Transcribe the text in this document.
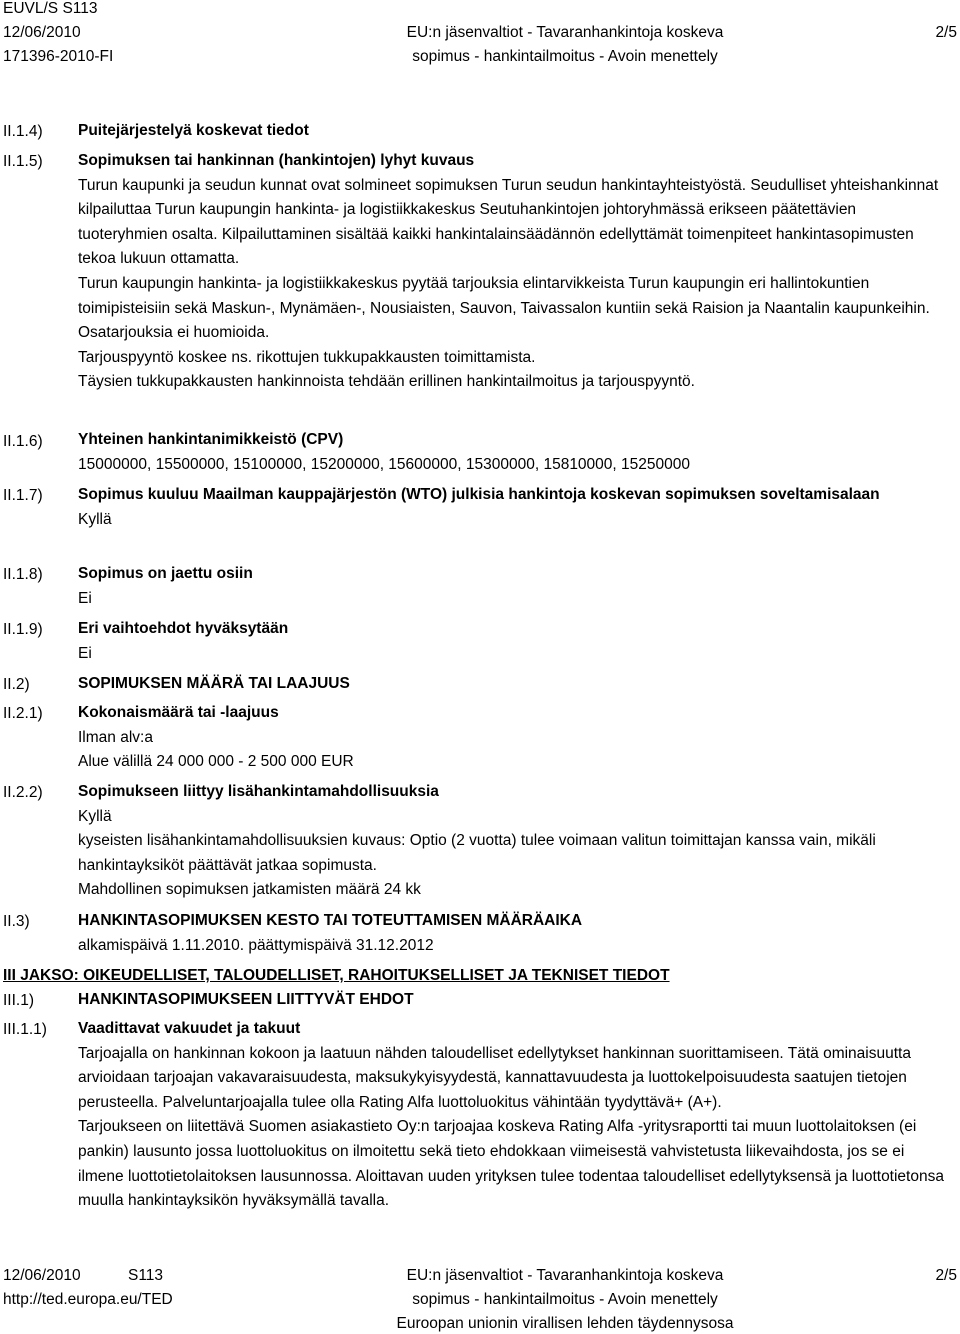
EUVL/S S113
12/06/2010
171396-2010-FI
EU:n jäsenvaltiot - Tavaranhankintoja koskeva
sopimus - hankintailmoitus - Avoin menettely
2/5
II.1.4) Puitejärjestelyä koskevat tiedot
II.1.5) Sopimuksen tai hankinnan (hankintojen) lyhyt kuvaus

Turun kaupunki ja seudun kunnat ovat solmineet sopimuksen Turun seudun hankintayhteistyöstä. Seudulliset yhteishankinnat kilpailuttaa Turun kaupungin hankinta- ja logistiikkakeskus Seutuhankintojen johtoryhmässä erikseen päätettävien tuoteryhmien osalta. Kilpailuttaminen sisältää kaikki hankintalainsäädännön edellyttämät toimenpiteet hankintasopimusten tekoa lukuun ottamatta.

Turun kaupungin hankinta- ja logistiikkakeskus pyytää tarjouksia elintarvikkeista Turun kaupungin eri hallintokuntien toimipisteisiin sekä Maskun-, Mynämäen-, Nousiaisten, Sauvon, Taivassalon kuntiin sekä Raision ja Naantalin kaupunkeihin.

Osatarjouksia ei huomioida.

Tarjouspyyntö koskee ns. rikottujen tukkupakkausten toimittamista.

Täysien tukkupakkausten hankinnoista tehdään erillinen hankintailmoitus ja tarjouspyyntö.

II.1.6) Yhteinen hankintanimikkeistö (CPV)

15000000, 15500000, 15100000, 15200000, 15600000, 15300000, 15810000, 15250000

II.1.7) Sopimus kuuluu Maailman kauppajärjestön (WTO) julkisia hankintoja koskevan sopimuksen soveltamisalaan

Kyllä

II.1.8) Sopimus on jaettu osiin

Ei

II.1.9) Eri vaihtoehdot hyväksytään

Ei

II.2)	SOPIMUKSEN MÄÄRÄ TAI LAAJUUS
II.2.1) Kokonaismäärä tai -laajuus

Ilman alv:a

Alue välillä 24 000 000 - 2 500 000 EUR

II.2.2) Sopimukseen liittyy lisähankintamahdollisuuksia

Kyllä

kyseisten lisähankintamahdollisuuksien kuvaus: Optio (2 vuotta) tulee voimaan valitun toimittajan kanssa vain, mikäli hankintayksiköt päättävät jatkaa sopimusta.

Mahdollinen sopimuksen jatkamisten määrä 24 kk

II.3)	HANKINTASOPIMUKSEN KESTO TAI TOTEUTTAMISEN MÄÄRÄAIKA

alkamispäivä 1.11.2010. päättymispäivä 31.12.2012

III JAKSO: OIKEUDELLISET, TALOUDELLISET, RAHOITUKSELLISET JA TEKNISET TIEDOT
III.1)	HANKINTASOPIMUKSEEN LIITTYVÄT EHDOT
III.1.1) Vaadittavat vakuudet ja takuut

Tarjoajalla on hankinnan kokoon ja laatuun nähden taloudelliset edellytykset hankinnan suorittamiseen. Tätä ominaisuutta arvioidaan tarjoajan vakavaraisuudesta, maksukykyisyydestä, kannattavuudesta ja luottokelpoisuudesta saatujen tietojen perusteella. Palveluntarjoajalla tulee olla Rating Alfa luottoluokitus vähintään tyydyttävä+ (A+).

Tarjoukseen on liitettävä Suomen asiakastieto Oy:n tarjoajaa koskeva Rating Alfa -yritysraportti tai muun luottolaitoksen (ei pankin) lausunto jossa luottoluokitus on ilmoitettu sekä tieto ehdokkaan viimeisestä vahvistetusta liikevaihdosta, jos se ei ilmene luottotietolaitoksen lausunnossa. Aloittavan uuden yrityksen tulee todentaa taloudelliset edellytyksensä ja luottotietonsa muulla hankintayksikön hyväksymällä tavalla.

12/06/2010	S113
http://ted.europa.eu/TED
EU:n jäsenvaltiot - Tavaranhankintoja koskeva
sopimus - hankintailmoitus - Avoin menettely
Euroopan unionin virallisen lehden täydennysosa
2/5
